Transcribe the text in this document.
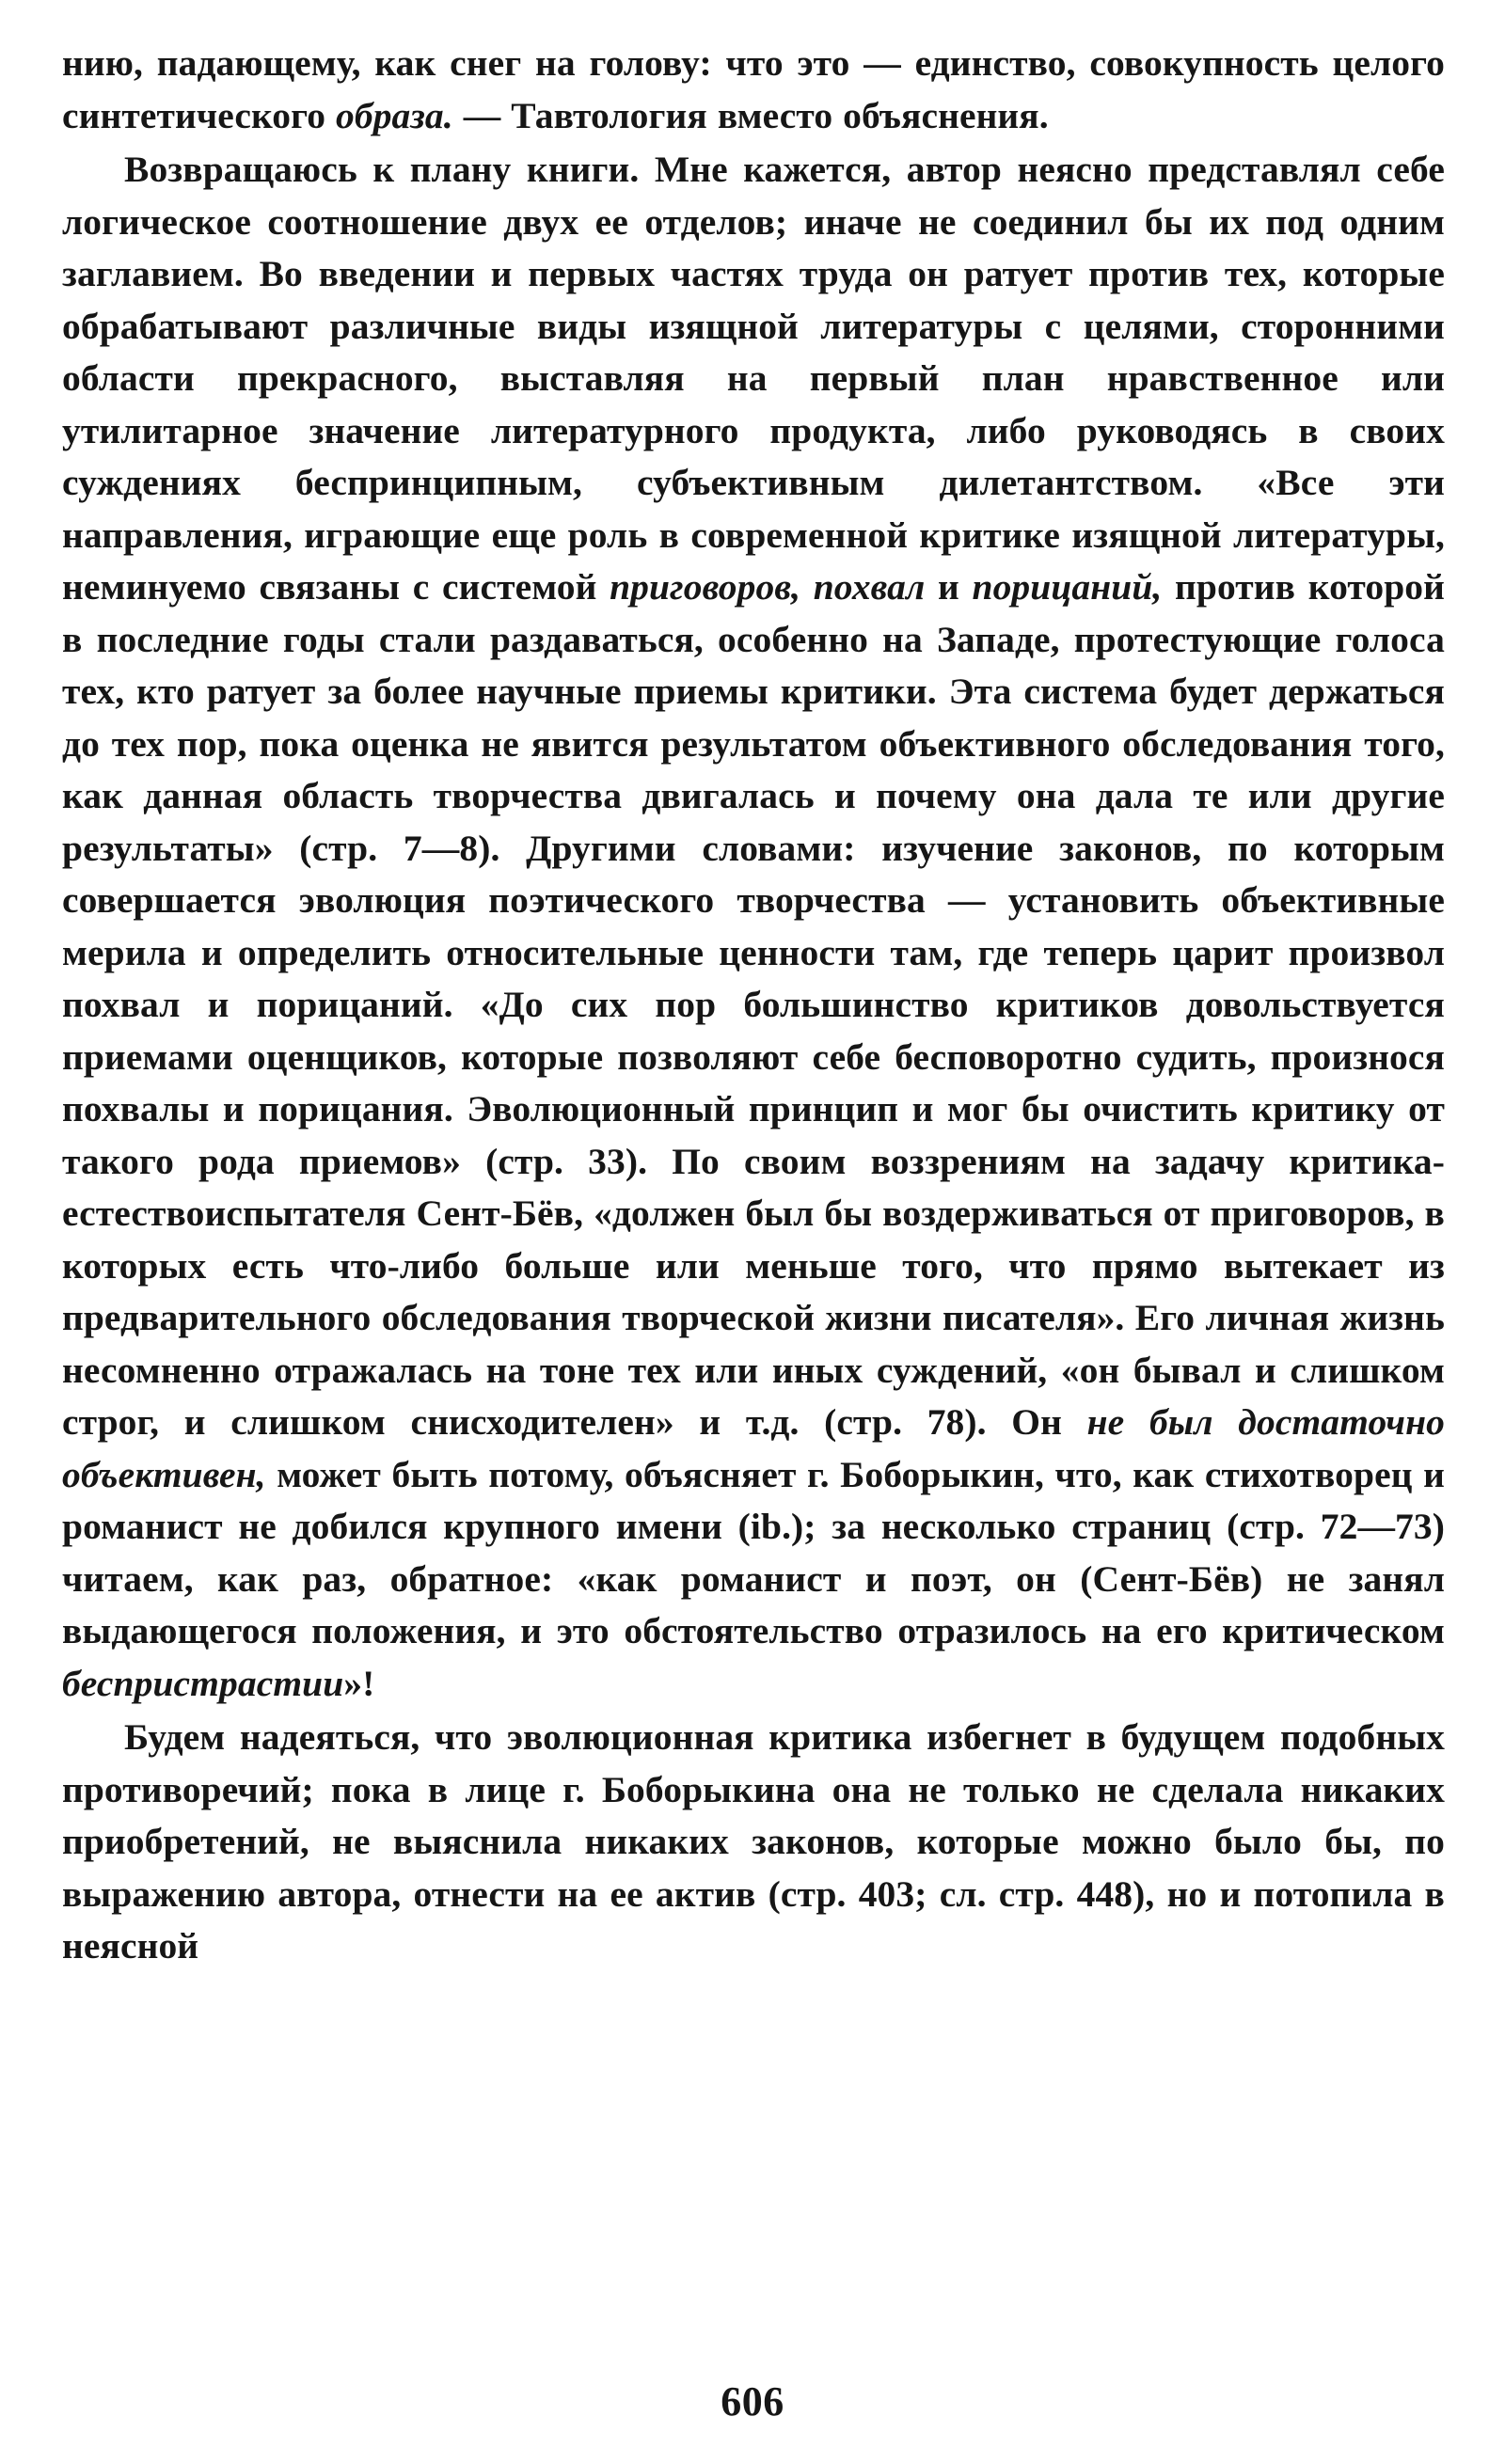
нию, падающему, как снег на голову: что это — единство, совокупность целого синтетического образа. — Тавтология вместо объяснения.

Возвращаюсь к плану книги. Мне кажется, автор неясно представлял себе логическое соотношение двух ее отделов; иначе не соединил бы их под одним заглавием. Во введении и первых частях труда он ратует против тех, которые обрабатывают различные виды изящной литературы с целями, сторонними области прекрасного, выставляя на первый план нравственное или утилитарное значение литературного продукта, либо руководясь в своих суждениях беспринципным, субъективным дилетантством. «Все эти направления, играющие еще роль в современной критике изящной литературы, неминуемо связаны с системой приговоров, похвал и порицаний, против которой в последние годы стали раздаваться, особенно на Западе, протестующие голоса тех, кто ратует за более научные приемы критики. Эта система будет держаться до тех пор, пока оценка не явится результатом объективного обследования того, как данная область творчества двигалась и почему она дала те или другие результаты» (стр. 7—8). Другими словами: изучение законов, по которым совершается эволюция поэтического творчества — установить объективные мерила и определить относительные ценности там, где теперь царит произвол похвал и порицаний. «До сих пор большинство критиков довольствуется приемами оценщиков, которые позволяют себе бесповоротно судить, произнося похвалы и порицания. Эволюционный принцип и мог бы очистить критику от такого рода приемов» (стр. 33). По своим воззрениям на задачу критика-естествоиспытателя Сент-Бёв, «должен был бы воздерживаться от приговоров, в которых есть что-либо больше или меньше того, что прямо вытекает из предварительного обследования творческой жизни писателя». Его личная жизнь несомненно отражалась на тоне тех или иных суждений, «он бывал и слишком строг, и слишком снисходителен» и т.д. (стр. 78). Он не был достаточно объективен, может быть потому, объясняет г. Боборыкин, что, как стихотворец и романист не добился крупного имени (ib.); за несколько страниц (стр. 72—73) читаем, как раз, обратное: «как романист и поэт, он (Сент-Бёв) не занял выдающегося положения, и это обстоятельство отразилось на его критическом беспристрастии»!

Будем надеяться, что эволюционная критика избегнет в будущем подобных противоречий; пока в лице г. Боборыкина она не только не сделала никаких приобретений, не выяснила никаких законов, которые можно было бы, по выражению автора, отнести на ее актив (стр. 403; сл. стр. 448), но и потопила в неясной

606
